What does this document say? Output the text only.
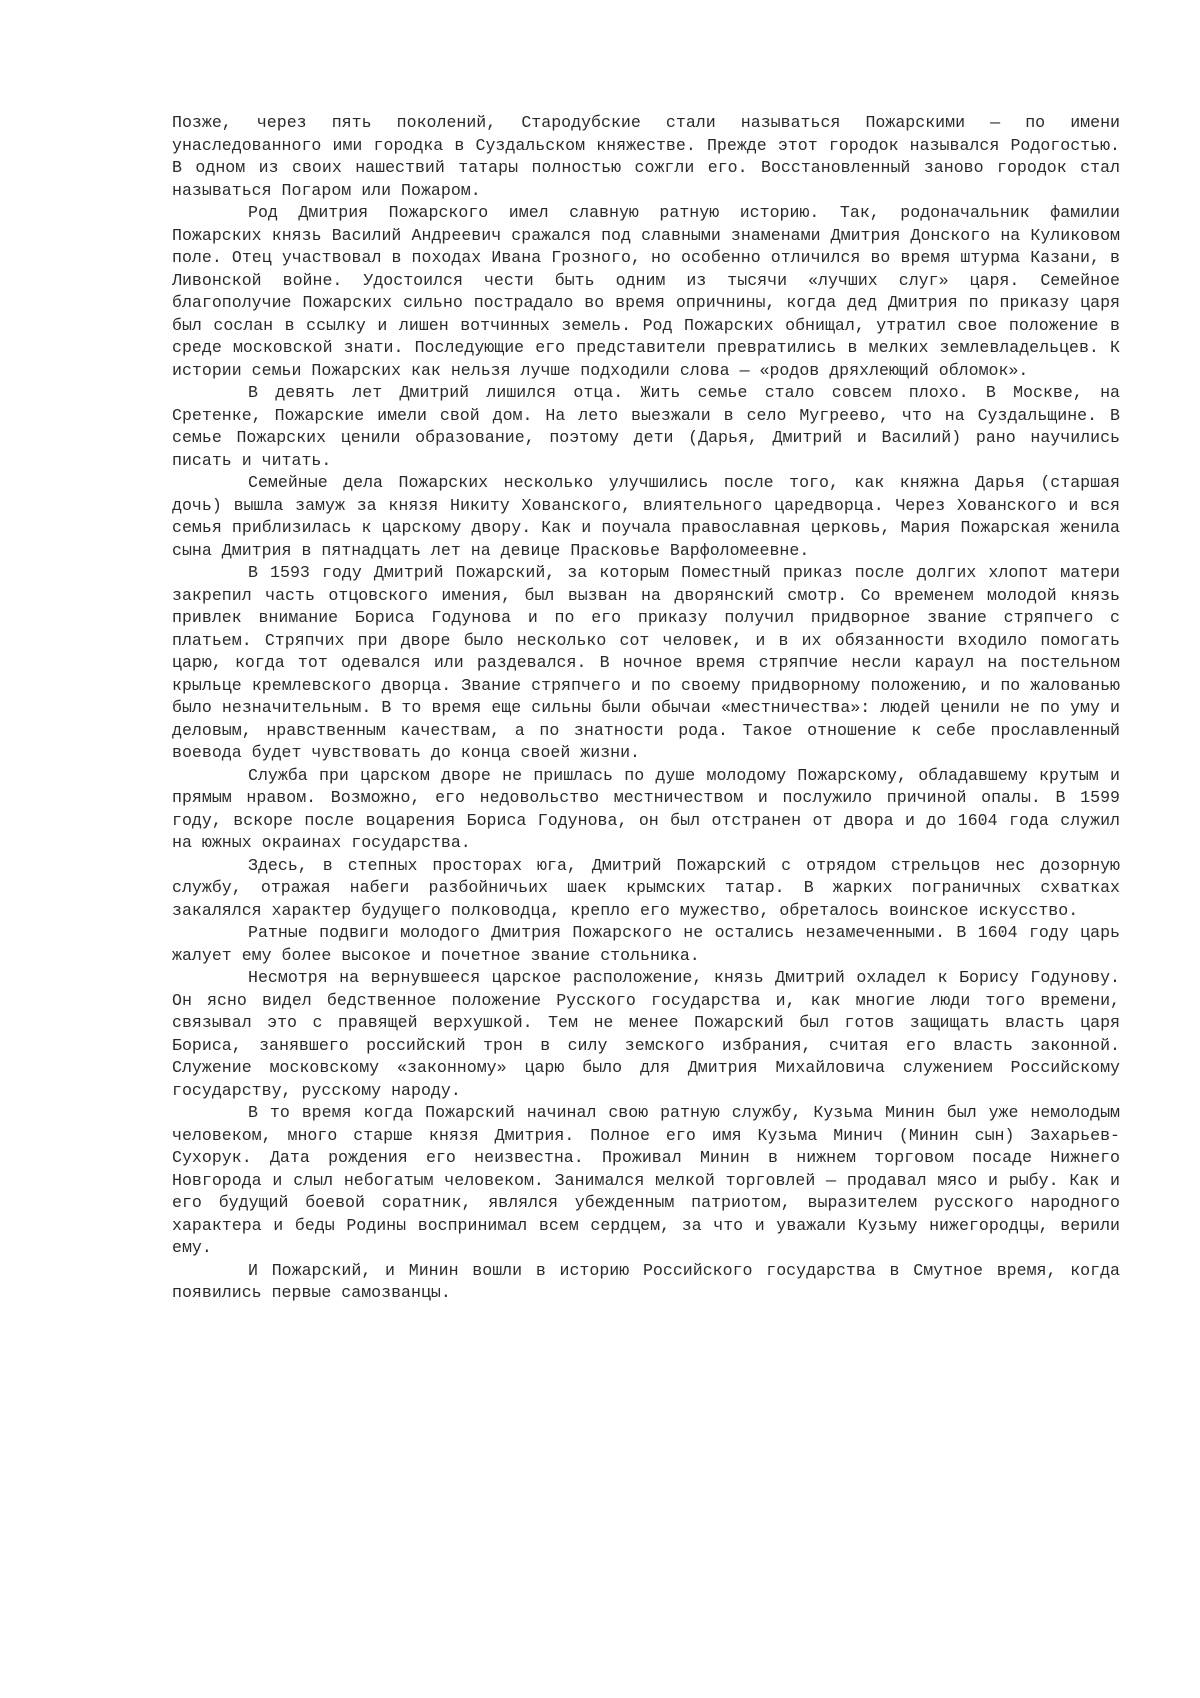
Позже, через пять поколений, Стародубские стали называться Пожарскими — по имени унаследованного ими городка в Суздальском княжестве. Прежде этот городок назывался Родогостью. В одном из своих нашествий татары полностью сожгли его. Восстановленный заново городок стал называться Погаром или Пожаром.

Род Дмитрия Пожарского имел славную ратную историю. Так, родоначальник фамилии Пожарских князь Василий Андреевич сражался под славными знаменами Дмитрия Донского на Куликовом поле. Отец участвовал в походах Ивана Грозного, но особенно отличился во время штурма Казани, в Ливонской войне. Удостоился чести быть одним из тысячи «лучших слуг» царя. Семейное благополучие Пожарских сильно пострадало во время опричнины, когда дед Дмитрия по приказу царя был сослан в ссылку и лишен вотчинных земель. Род Пожарских обнищал, утратил свое положение в среде московской знати. Последующие его представители превратились в мелких землевладельцев. К истории семьи Пожарских как нельзя лучше подходили слова — «родов дряхлеющий обломок».

В девять лет Дмитрий лишился отца. Жить семье стало совсем плохо. В Москве, на Сретенке, Пожарские имели свой дом. На лето выезжали в село Мугреево, что на Суздальщине. В семье Пожарских ценили образование, поэтому дети (Дарья, Дмитрий и Василий) рано научились писать и читать.

Семейные дела Пожарских несколько улучшились после того, как княжна Дарья (старшая дочь) вышла замуж за князя Никиту Хованского, влиятельного царедворца. Через Хованского и вся семья приблизилась к царскому двору. Как и поучала православная церковь, Мария Пожарская женила сына Дмитрия в пятнадцать лет на девице Прасковье Варфоломеевне.

В 1593 году Дмитрий Пожарский, за которым Поместный приказ после долгих хлопот матери закрепил часть отцовского имения, был вызван на дворянский смотр. Со временем молодой князь привлек внимание Бориса Годунова и по его приказу получил придворное звание стряпчего с платьем. Стряпчих при дворе было несколько сот человек, и в их обязанности входило помогать царю, когда тот одевался или раздевался. В ночное время стряпчие несли караул на постельном крыльце кремлевского дворца. Звание стряпчего и по своему придворному положению, и по жалованью было незначительным. В то время еще сильны были обычаи «местничества»: людей ценили не по уму и деловым, нравственным качествам, а по знатности рода. Такое отношение к себе прославленный воевода будет чувствовать до конца своей жизни.

Служба при царском дворе не пришлась по душе молодому Пожарскому, обладавшему крутым и прямым нравом. Возможно, его недовольство местничеством и послужило причиной опалы. В 1599 году, вскоре после воцарения Бориса Годунова, он был отстранен от двора и до 1604 года служил на южных окраинах государства.

Здесь, в степных просторах юга, Дмитрий Пожарский с отрядом стрельцов нес дозорную службу, отражая набеги разбойничьих шаек крымских татар. В жарких пограничных схватках закалялся характер будущего полководца, крепло его мужество, обреталось воинское искусство.

Ратные подвиги молодого Дмитрия Пожарского не остались незамеченными. В 1604 году царь жалует ему более высокое и почетное звание стольника.

Несмотря на вернувшееся царское расположение, князь Дмитрий охладел к Борису Годунову. Он ясно видел бедственное положение Русского государства и, как многие люди того времени, связывал это с правящей верхушкой. Тем не менее Пожарский был готов защищать власть царя Бориса, занявшего российский трон в силу земского избрания, считая его власть законной. Служение московскому «законному» царю было для Дмитрия Михайловича служением Российскому государству, русскому народу.

В то время когда Пожарский начинал свою ратную службу, Кузьма Минин был уже немолодым человеком, много старше князя Дмитрия. Полное его имя Кузьма Минич (Минин сын) Захарьев-Сухорук. Дата рождения его неизвестна. Проживал Минин в нижнем торговом посаде Нижнего Новгорода и слыл небогатым человеком. Занимался мелкой торговлей — продавал мясо и рыбу. Как и его будущий боевой соратник, являлся убежденным патриотом, выразителем русского народного характера и беды Родины воспринимал всем сердцем, за что и уважали Кузьму нижегородцы, верили ему.

И Пожарский, и Минин вошли в историю Российского государства в Смутное время, когда появились первые самозванцы.
